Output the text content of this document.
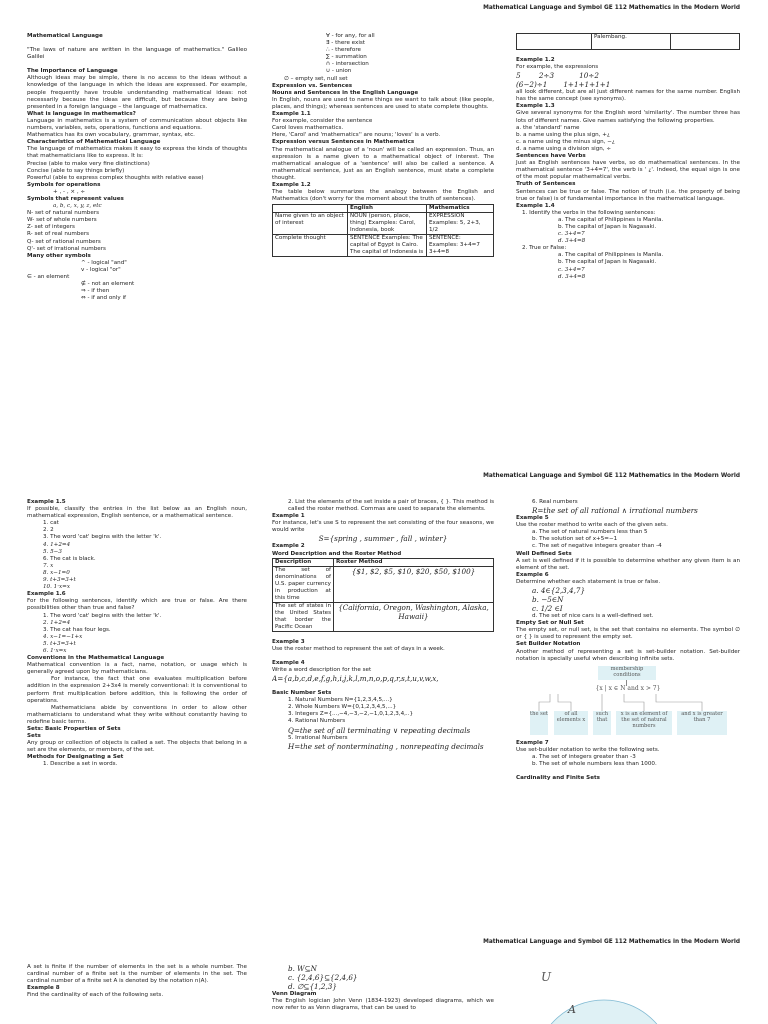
Mathematical Language and Symbol GE 112 Mathematics in the Modern World
Mathematical Language
"The laws of nature are written in the language of mathematics." Galileo Galilei
The Importance of Language
Although ideas may be simple, there is no access to the ideas without a knowledge of the language in which the ideas are expressed. For example, people frequently have trouble understanding mathematical ideas: not necessarily because the ideas are difficult, but because they are being presented in a foreign language – the language of mathematics.
What is language in mathematics?
Language in mathematics is a system of communication about objects like numbers, variables, sets, operations, functions and equations.
Mathematics has its own vocabulary, grammar, syntax, etc.
Characteristics of Mathematical Language
The language of mathematics makes it easy to express the kinds of thoughts that mathematicians like to express. It is:
Precise (able to make very fine distinctions)
Concise (able to say things briefly)
Powerful (able to express complex thoughts with relative ease)
Symbols for operations
+ , - , × , ÷
Symbols that represent values
a, b, c, x, y, z, etc
N- set of natural numbers
W- set of whole numbers
Z- set of integers
R- set of real numbers
Q- set of rational numbers
Q'- set of irrational numbers
Many other symbols
^ - logical "and"
v - logical "or"
∈ - an element
∉ - not an element
⇒ - if then
⇔ - if and only if
∀ - for any, for all
∃ - there exist
∴ - therefore
∑ - summation
∩ - intersection
∪ - union
∅ – empty set, null set
Expression vs. Sentences
Nouns and Sentences in the English Language
In English, nouns are used to name things we want to talk about (like people, places, and things); whereas sentences are used to state complete thoughts.
Example 1.1
For example, consider the sentence
Carol loves mathematics.
Here, 'Carol' and 'mathematics'' are nouns; 'loves' is a verb.
Expression versus Sentences in Mathematics
The mathematical analogue of a 'noun' will be called an expression. Thus, an expression is a name given to a mathematical object of interest. The mathematical analogue of a 'sentence' will also be called a sentence. A mathematical sentence, just as an English sentence, must state a complete thought.
Example 1.2
The table below summarizes the analogy between the English and Mathematics (don't worry for the moment about the truth of sentences).
	English	Mathematics
Name given to an object of interest	NOUN (person, place, thing) Examples: Carol, Indonesia, book	EXPRESSION Examples: 5, 2+3, 1/2
Complete thought	SENTENCE Examples: The capital of Egypt is Cairo. The capital of Indonesia is	SENTENCE: Examples: 3+4=7 3+4=8
	Palembang.	
Example 1.2
For example, the expressions
5        2÷3           10÷2
(6−2)÷1       1+1+1+1+1
all look different, but are all just different names for the same number. English has the same concept (see synonyms).
Example 1.3
Give several synonyms for the English word 'similarity'. The number three has lots of different names. Give names satisfying the following properties.
a. the 'standard' name
b. a name using the plus sign, +¿
c. a name using the minus sign, −¿
d. a name using a division sign, ÷
Sentences have Verbs
Just as English sentences have verbs, so do mathematical sentences. In the mathematical sentence '3+4=7', the verb is ' ¿'. Indeed, the equal sign is one of the most popular mathematical verbs.
Truth of Sentences
Sentences can be true or false. The notion of truth (i.e. the property of being true or false) is of fundamental importance in the mathematical language.
Example 1.4
1. Identify the verbs in the following sentences:
a. The capital of Philippines is Manila.
b. The capital of Japan is Nagasaki.
c. 3+4=7
d. 3+4=8
2. True or False:
a. The capital of Philippines is Manila.
b. The capital of Japan is Nagasaki.
c. 3+4=7
d. 3+4=8
Mathematical Language and Symbol GE 112 Mathematics in the Modern World
Example 1.5
If possible, classify the entries in the list below as an English noun, mathematical expression, English sentence, or a mathematical sentence.
1. cat
2. 2
3. The word 'cat' begins with the letter 'k'.
4. 1+2=4
5. 5−3
6. The cat is black.
7. x
8. x−1=0
9. t+3=3+t
10. 1·x=x
Example 1.6
For the following sentences, identify which are true or false. Are there possibilities other than true and false?
1. The word 'cat' begins with the letter 'k'.
2. 1+2=4
3. The cat has four legs.
4. x−1=−1+x
5. t+3=3+t
6. 1·x=x
Conventions in the Mathematical Language
Mathematical convention is a fact, name, notation, or usage which is generally agreed upon by mathematicians.
For instance, the fact that one evaluates multiplication before addition in the expression 2+3x4 is merely conventional: it is conventional to perform first multiplication before addition, this is following the order of operations.
Mathematicians abide by conventions in order to allow other mathematicians to understand what they write without constantly having to redefine basic terms.
Sets: Basic Properties of Sets
Sets
Any group or collection of objects is called a set. The objects that belong in a set are the elements, or members, of the set.
Methods for Designating a Set
1. Describe a set in words.
2. List the elements of the set inside a pair of braces, { }. This method is called the roster method. Commas are used to separate the elements.
Example 1
For instance, let's use S to represent the set consisting of the four seasons, we would write
S={spring , summer , fall , winter}
Example 2
Word Description and the Roster Method
Description	Roster Method
The set of denominations of U.S. paper currency in production at this time	{$1, $2, $5, $10, $20, $50, $100}
The set of states in the United States that border the Pacific Ocean	{California, Oregon, Washington, Alaska, Hawaii}
Example 3
Use the roster method to represent the set of days in a week.
Example 4
Write a word description for the set
A={a,b,c,d,e,f,g,h,i,j,k,l,m,n,o,p,q,r,s,t,u,v,w,x,
Basic Number Sets
1. Natural Numbers N={1,2,3,4,5,...}
2. Whole Numbers W={0,1,2,3,4,5,...}
3. Integers Z={...,−4,−3,−2,−1,0,1,2,3,4,..}
4. Rational Numbers
Q=the set of all terminating ∨ repeating decimals
5. Irrational Numbers
H=the set of nonterminating , nonrepeating decimals
6. Real numbers
R=the set of all rational ∧ irrational numbers
Example 5
Use the roster method to write each of the given sets.
a. The set of natural numbers less than 5
b. The solution set of x+5=−1
c. The set of negative integers greater than -4
Well Defined Sets
A set is well defined if it is possible to determine whether any given item is an element of the set.
Example 6
Determine whether each statement is true or false.
a. 4∈{2,3,4,7}
b. −5∈N
c. 1/2 ∈I
d. The set of nice cars is a well-defined set.
Empty Set or Null Set
The empty set, or null set, is the set that contains no elements. The symbol ∅ or { } is used to represent the empty set.
Set Builder Notation
Another method of representing a set is set-builder notation. Set-builder notation is specially useful when describing infinite sets.
membership conditions
{x | x ∈ N and x > 7}
the set	of all elements x
such that
x is an element of the set of natural numbers
and x is greater than 7
Example 7
Use set-builder notation to write the following sets.
a. The set of integers greater than -3
b. The set of whole numbers less than 1000.
Cardinality and Finite Sets
Mathematical Language and Symbol GE 112 Mathematics in the Modern World
A set is finite if the number of elements in the set is a whole number. The cardinal number of a finite set is the number of elements in the set. The cardinal number of a finite set A is denoted by the notation n(A).
Example 8
Find the cardinality of each of the following sets.
b. W⊆N
c. {2,4,6}⊆{2,4,6}
d. ∅⊆{1,2,3}
Venn Diagram
The English logician John Venn (1834-1923) developed diagrams, which we now refer to as Venn diagrams, that can be used to
U
A
